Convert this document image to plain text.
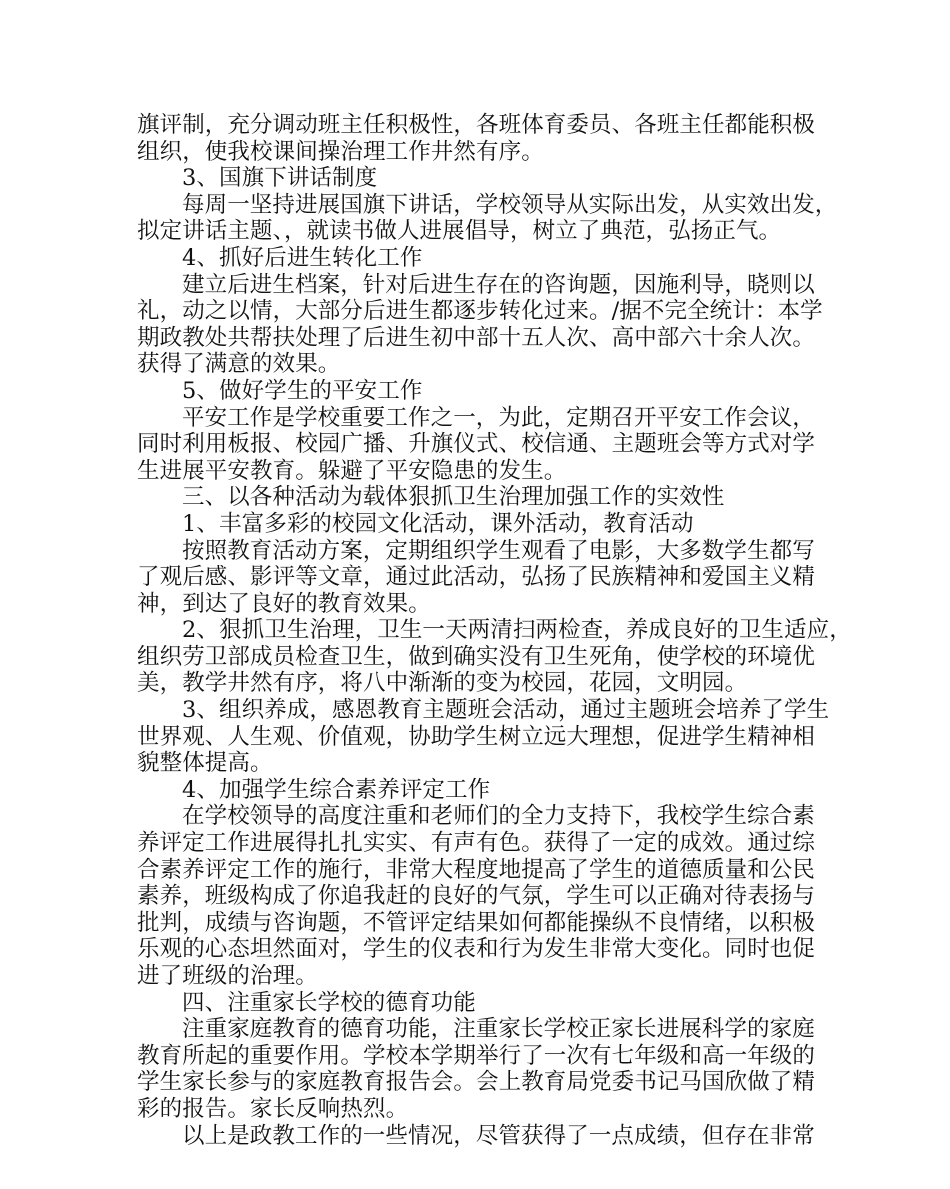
旗评制，充分调动班主任积极性，各班体育委员、各班主任都能积极
组织，使我校课间操治理工作井然有序。
3、国旗下讲话制度
每周一坚持进展国旗下讲话，学校领导从实际出发，从实效出发，
拟定讲话主题、，就读书做人进展倡导，树立了典范，弘扬正气。
4、抓好后进生转化工作
建立后进生档案，针对后进生存在的咨询题，因施利导，晓则以
礼，动之以情，大部分后进生都逐步转化过来。/据不完全统计：本学
期政教处共帮扶处理了后进生初中部十五人次、高中部六十余人次。
获得了满意的效果。
5、做好学生的平安工作
平安工作是学校重要工作之一，为此，定期召开平安工作会议，
同时利用板报、校园广播、升旗仪式、校信通、主题班会等方式对学
生进展平安教育。躲避了平安隐患的发生。
三、以各种活动为载体狠抓卫生治理加强工作的实效性
1、丰富多彩的校园文化活动，课外活动，教育活动
按照教育活动方案，定期组织学生观看了电影，大多数学生都写
了观后感、影评等文章，通过此活动，弘扬了民族精神和爱国主义精
神，到达了良好的教育效果。
2、狠抓卫生治理，卫生一天两清扫两检查，养成良好的卫生适应，
组织劳卫部成员检查卫生，做到确实没有卫生死角，使学校的环境优
美，教学井然有序，将八中渐渐的变为校园，花园，文明园。
3、组织养成，感恩教育主题班会活动，通过主题班会培养了学生
世界观、人生观、价值观，协助学生树立远大理想，促进学生精神相
貌整体提高。
4、加强学生综合素养评定工作
在学校领导的高度注重和老师们的全力支持下，我校学生综合素
养评定工作进展得扎扎实实、有声有色。获得了一定的成效。通过综
合素养评定工作的施行，非常大程度地提高了学生的道德质量和公民
素养，班级构成了你追我赶的良好的气氛，学生可以正确对待表扬与
批判，成绩与咨询题，不管评定结果如何都能操纵不良情绪，以积极
乐观的心态坦然面对，学生的仪表和行为发生非常大变化。同时也促
进了班级的治理。
四、注重家长学校的德育功能
注重家庭教育的德育功能，注重家长学校正家长进展科学的家庭
教育所起的重要作用。学校本学期举行了一次有七年级和高一年级的
学生家长参与的家庭教育报告会。会上教育局党委书记马国欣做了精
彩的报告。家长反响热烈。
以上是政教工作的一些情况，尽管获得了一点成绩，但存在非常
